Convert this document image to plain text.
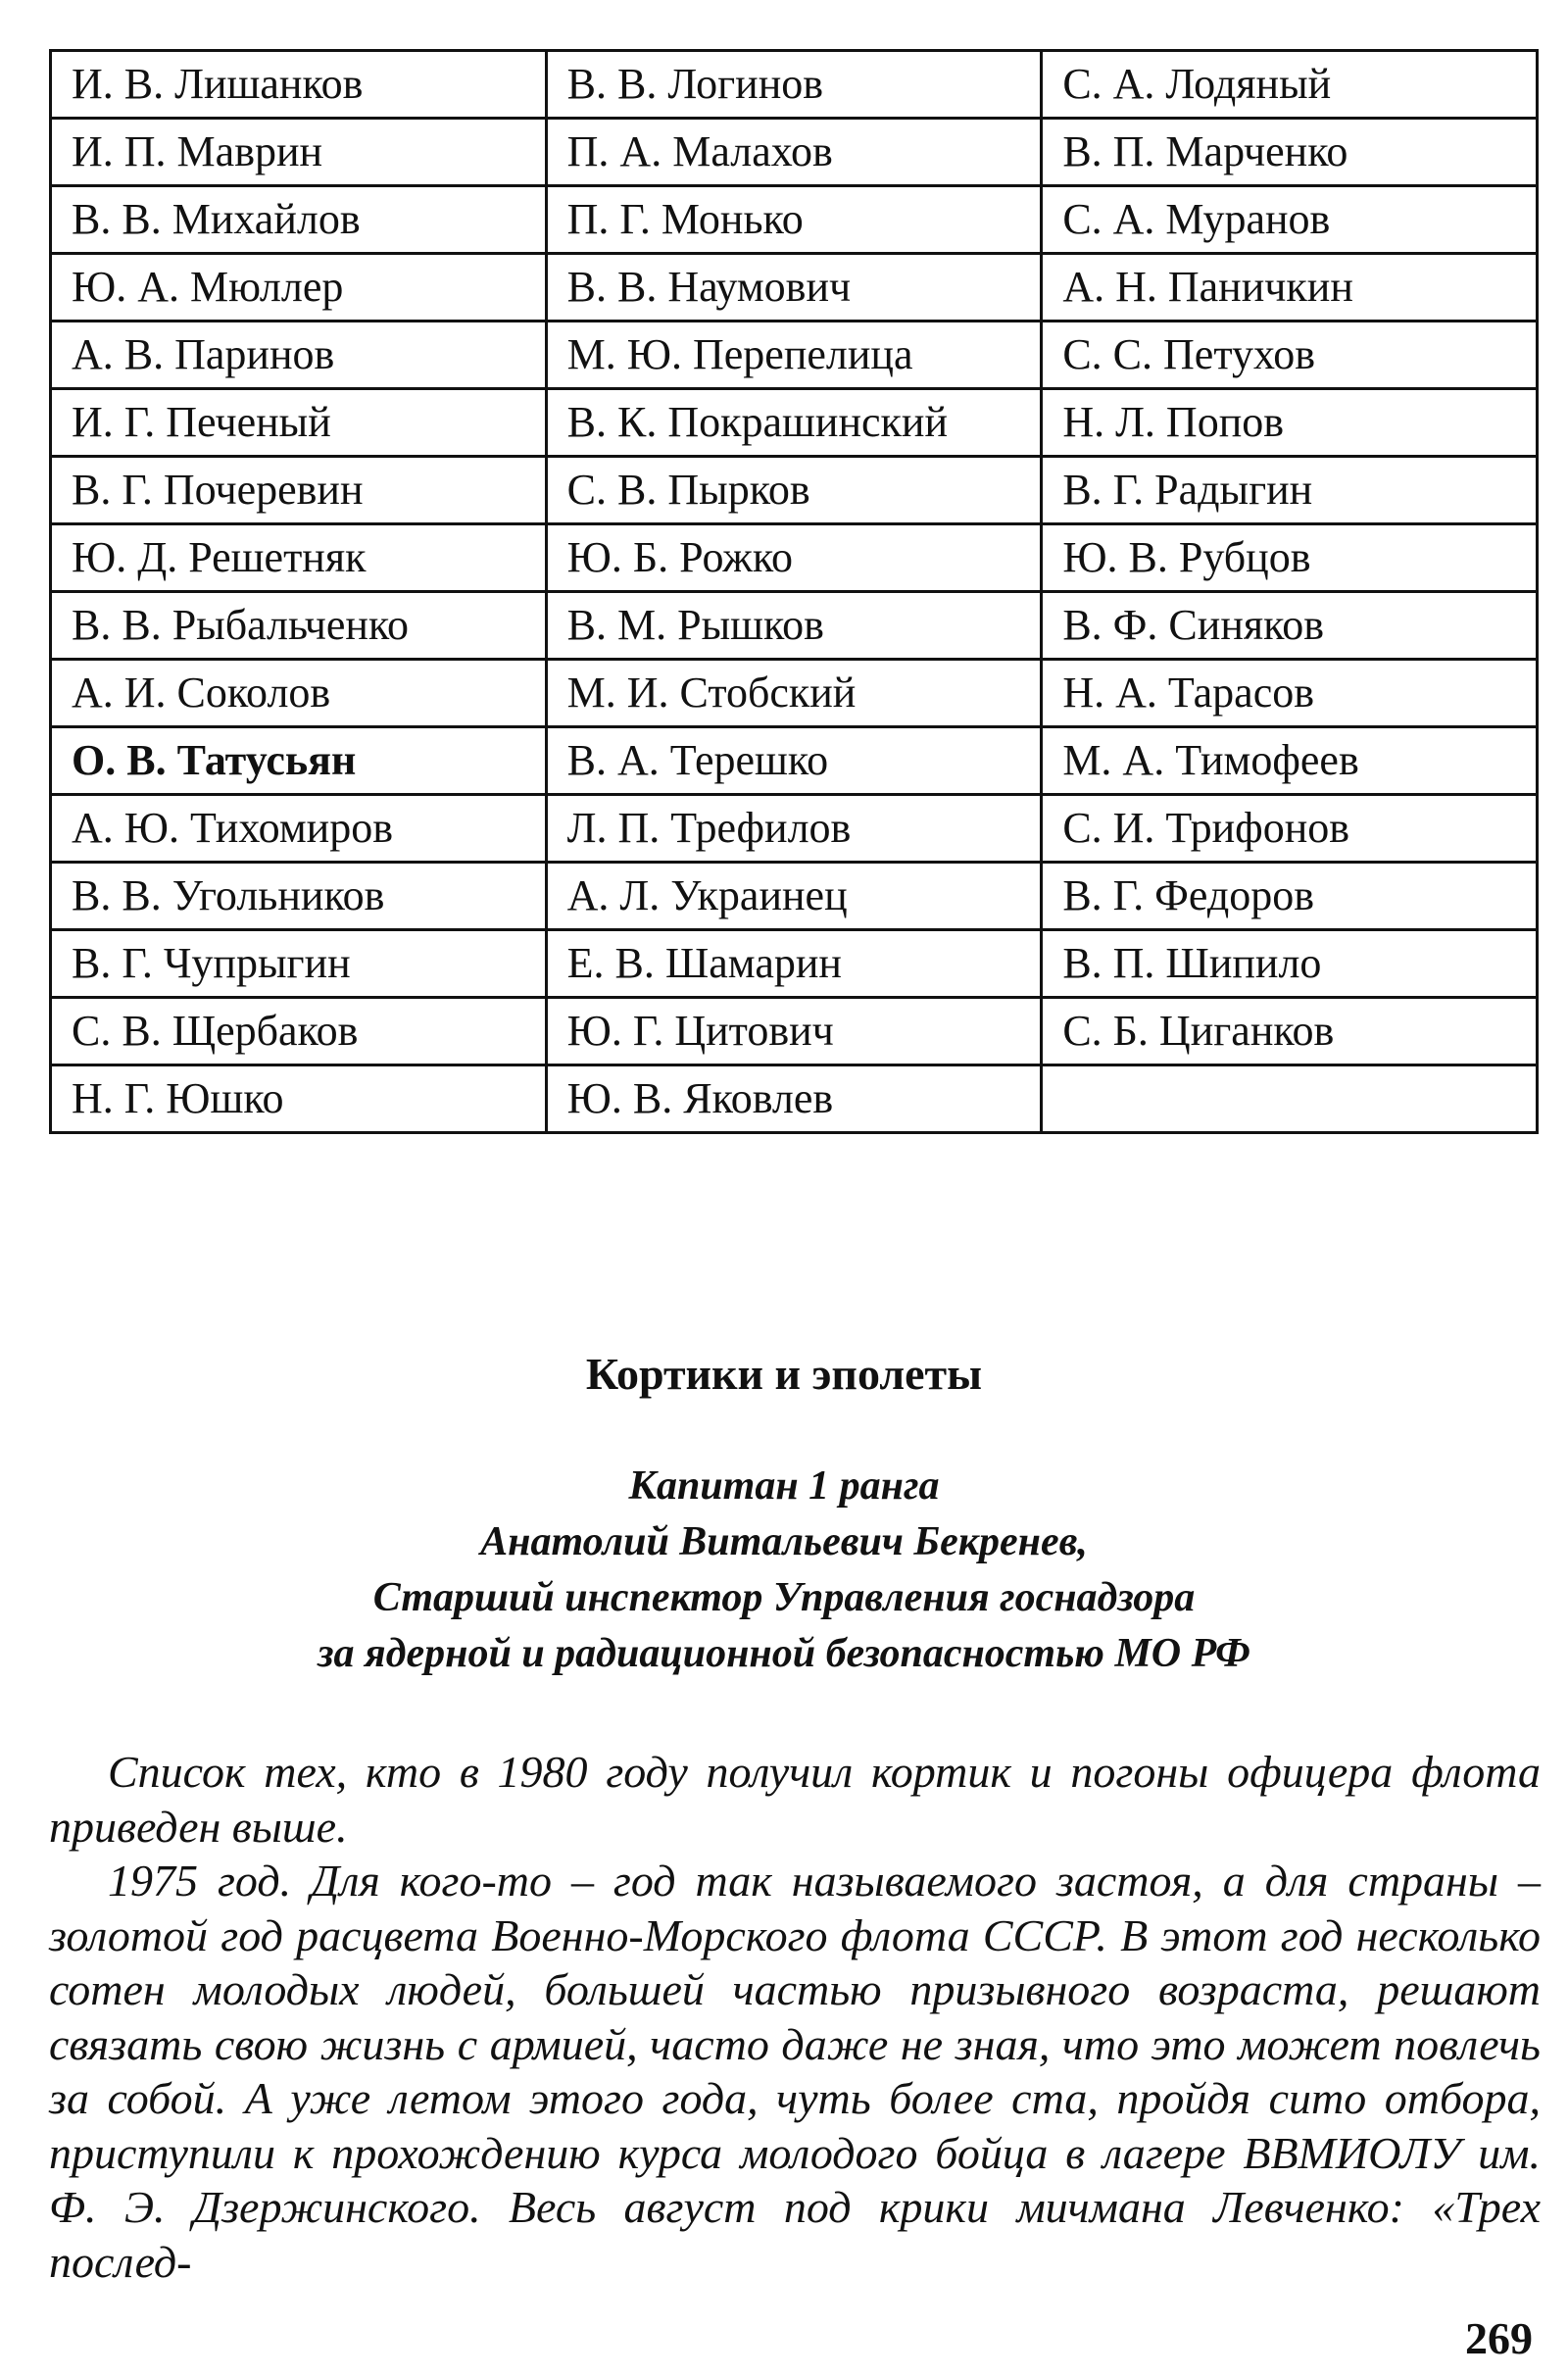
И. В. Лишанков	В. В. Логинов	С. А. Лодяный
И. П. Маврин	П. А. Малахов	В. П. Марченко
В. В. Михайлов	П. Г. Монько	С. А. Муранов
Ю. А. Мюллер	В. В. Наумович	А. Н. Паничкин
А. В. Паринов	М. Ю. Перепелица	С. С. Петухов
И. Г. Печеный	В. К. Покрашинский	Н. Л. Попов
В. Г. Почеревин	С. В. Пырков	В. Г. Радыгин
Ю. Д. Решетняк	Ю. Б. Рожко	Ю. В. Рубцов
В. В. Рыбальченко	В. М. Рышков	В. Ф. Синяков
А. И. Соколов	М. И. Стобский	Н. А. Тарасов
О. В. Татусьян	В. А. Терешко	М. А. Тимофеев
А. Ю. Тихомиров	Л. П. Трефилов	С. И. Трифонов
В. В. Угольников	А. Л. Украинец	В. Г. Федоров
В. Г. Чупрыгин	Е. В. Шамарин	В. П. Шипило
С. В. Щербаков	Ю. Г. Цитович	С. Б. Циганков
Н. Г. Юшко	Ю. В. Яковлев	
Кортики и эполеты
Капитан 1 ранга
Анатолий Витальевич Бекренев,
Старший инспектор Управления госнадзора
за ядерной и радиационной безопасностью МО РФ

Список тех, кто в 1980 году получил кортик и погоны офицера флота приведен выше.

1975 год. Для кого-то – год так называемого застоя, а для страны – золотой год расцвета Военно-Морского флота СССР. В этот год несколько сотен молодых людей, большей частью призывного возраста, решают связать свою жизнь с армией, часто даже не зная, что это может повлечь за собой. А уже летом этого года, чуть более ста, пройдя сито отбора, приступили к прохождению курса молодого бойца в лагере ВВМИОЛУ им. Ф. Э. Дзержинского. Весь август под крики мичмана Левченко: «Трех послед-

269
